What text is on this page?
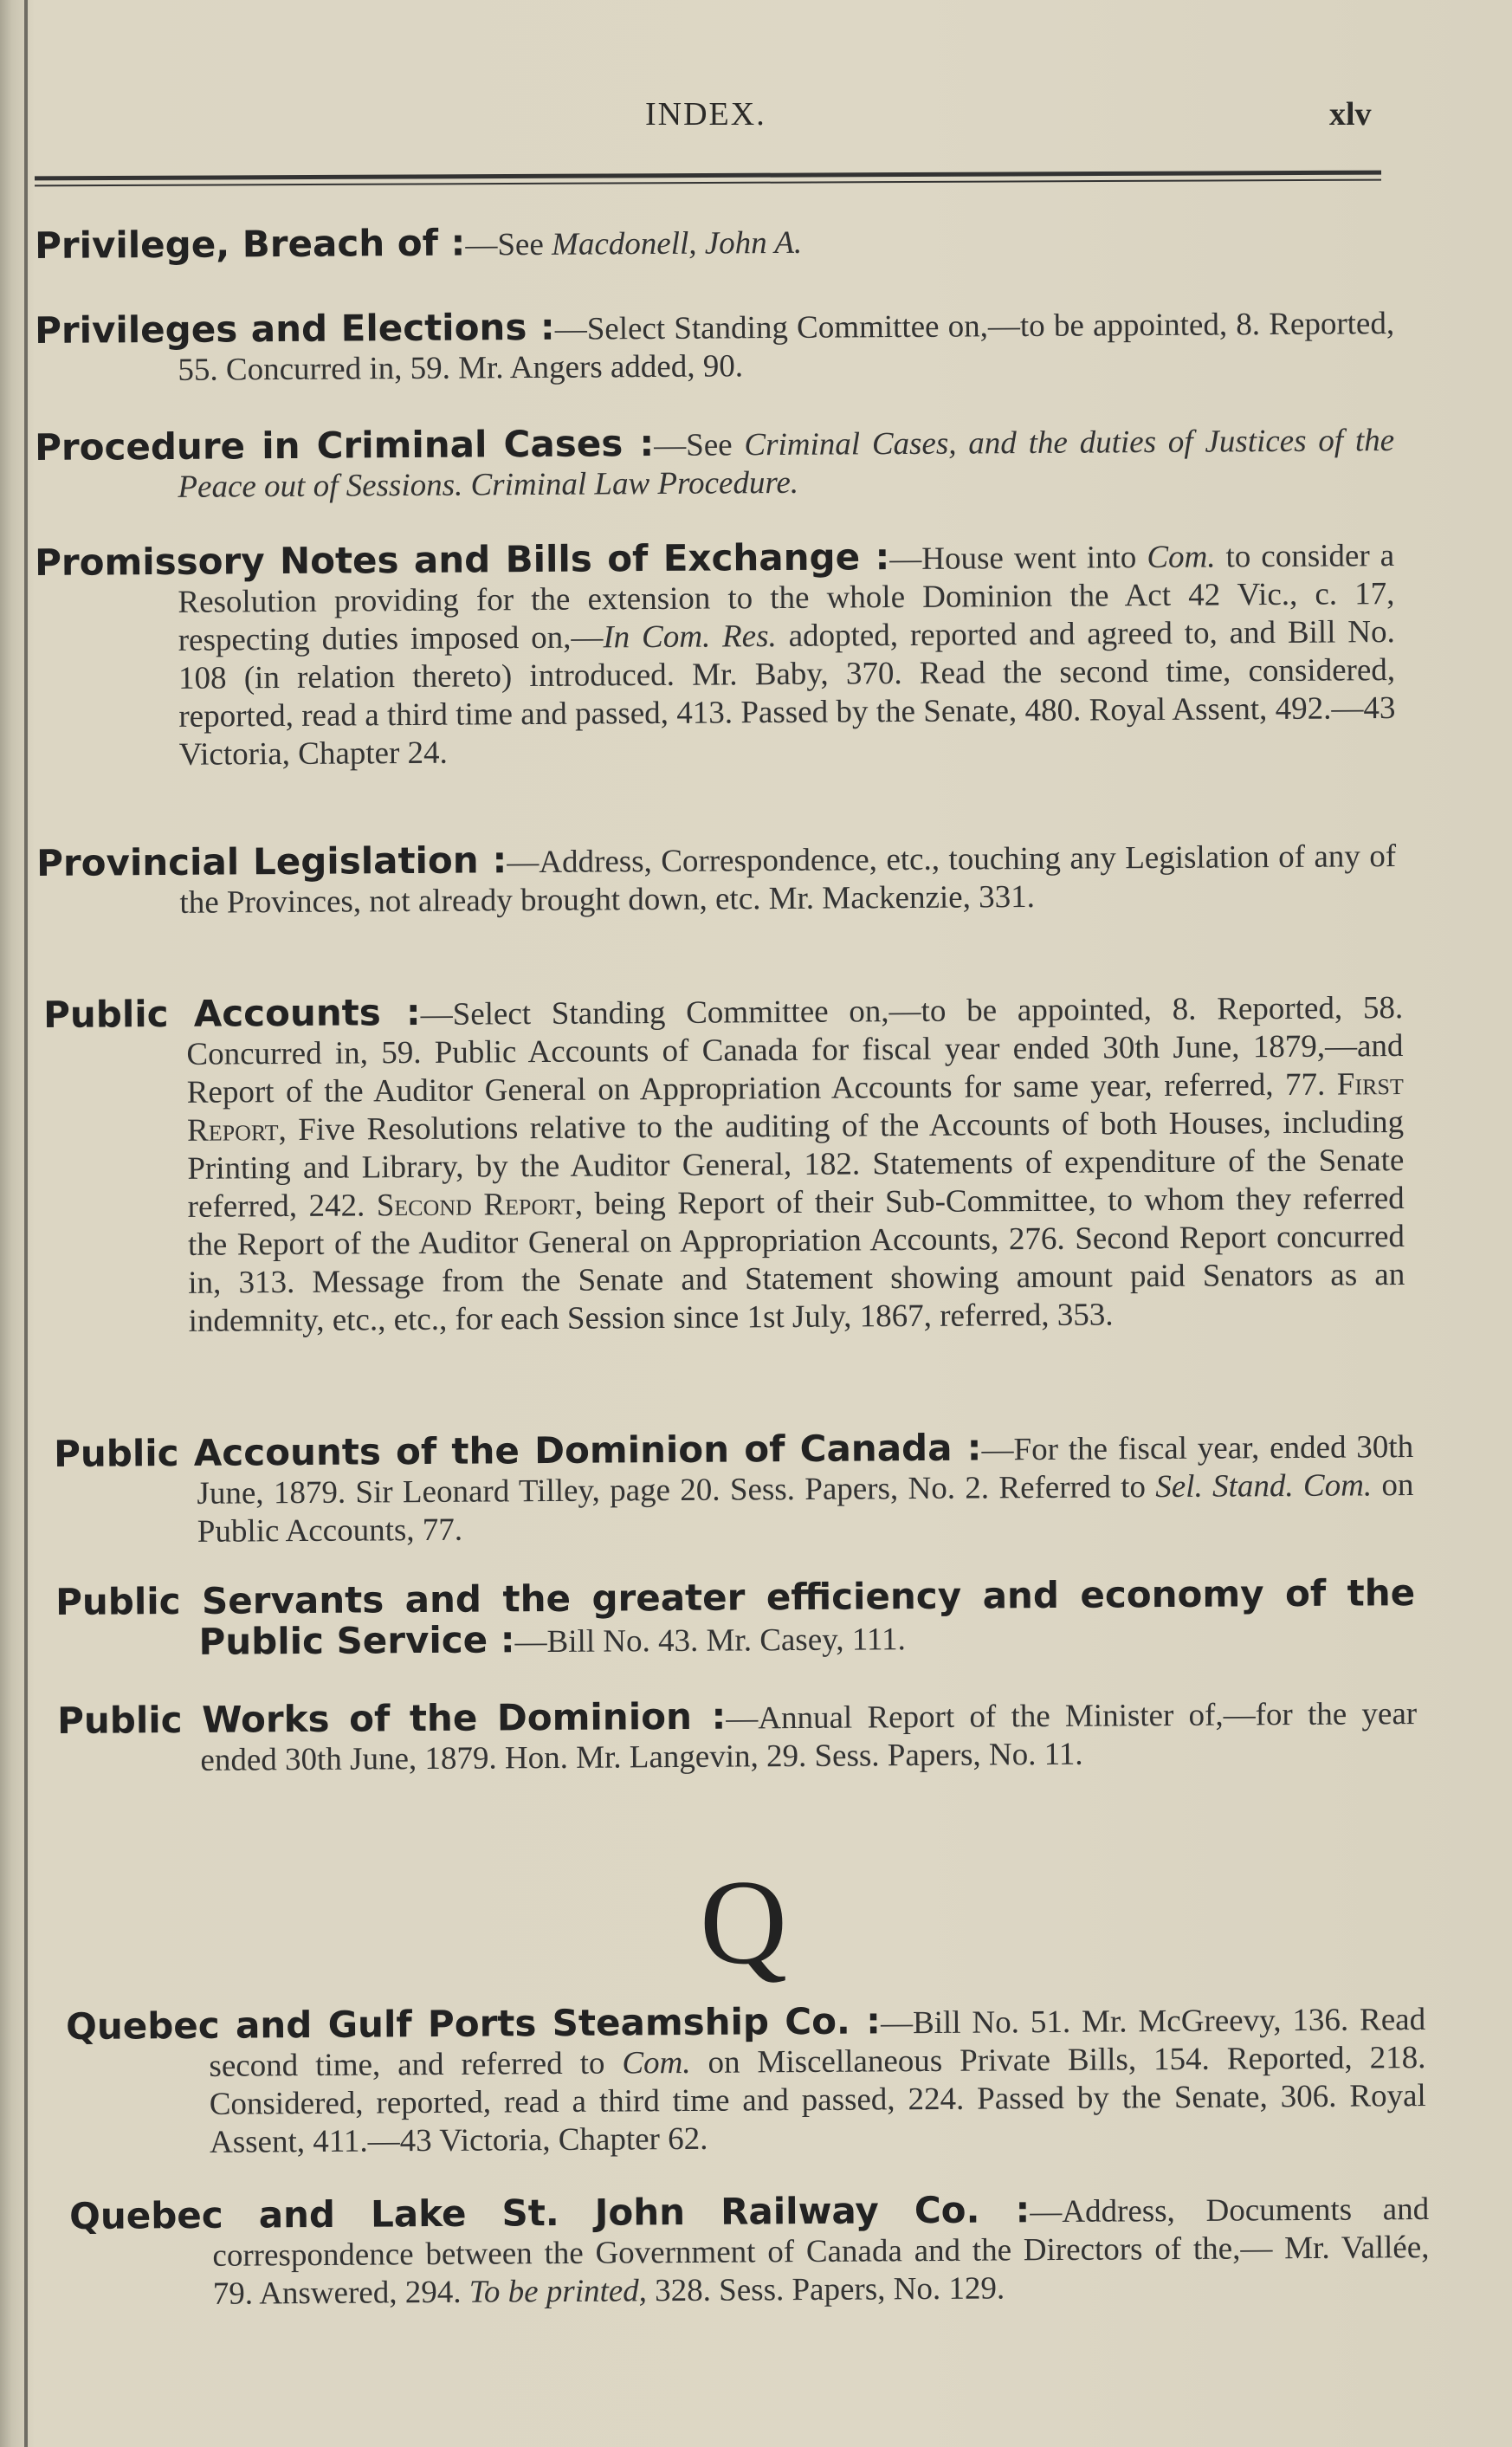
INDEX.	xlv
Privilege, Breach of :—See Macdonell, John A.
Privileges and Elections :—Select Standing Committee on,—to be appointed, 8. Reported, 55. Concurred in, 59. Mr. Angers added, 90.
Procedure in Criminal Cases :—See Criminal Cases, and the duties of Justices of the Peace out of Sessions. Criminal Law Procedure.
Promissory Notes and Bills of Exchange :—House went into Com. to consider a Resolution providing for the extension to the whole Dominion the Act 42 Vic., c. 17, respecting duties imposed on,—In Com. Res. adopted, reported and agreed to, and Bill No. 108 (in relation thereto) introduced. Mr. Baby, 370. Read the second time, considered, reported, read a third time and passed, 413. Passed by the Senate, 480. Royal Assent, 492.—43 Victoria, Chapter 24.
Provincial Legislation :—Address, Correspondence, etc., touching any Legislation of any of the Provinces, not already brought down, etc. Mr. Mackenzie, 331.
Public Accounts :—Select Standing Committee on,—to be appointed, 8. Reported, 58. Concurred in, 59. Public Accounts of Canada for fiscal year ended 30th June, 1879,—and Report of the Auditor General on Appropriation Accounts for same year, referred, 77. First Report, Five Resolutions relative to the auditing of the Accounts of both Houses, including Printing and Library, by the Auditor General, 182. Statements of expenditure of the Senate referred, 242. Second Report, being Report of their Sub-Committee, to whom they referred the Report of the Auditor General on Appropriation Accounts, 276. Second Report concurred in, 313. Message from the Senate and Statement showing amount paid Senators as an indemnity, etc., etc., for each Session since 1st July, 1867, referred, 353.
Public Accounts of the Dominion of Canada :—For the fiscal year, ended 30th June, 1879. Sir Leonard Tilley, page 20. Sess. Papers, No. 2. Referred to Sel. Stand. Com. on Public Accounts, 77.
Public Servants and the greater efficiency and economy of the Public Service :—Bill No. 43. Mr. Casey, 111.
Public Works of the Dominion :—Annual Report of the Minister of,—for the year ended 30th June, 1879. Hon. Mr. Langevin, 29. Sess. Papers, No. 11.
Q
Quebec and Gulf Ports Steamship Co. :—Bill No. 51. Mr. McGreevy, 136. Read second time, and referred to Com. on Miscellaneous Private Bills, 154. Reported, 218. Considered, reported, read a third time and passed, 224. Passed by the Senate, 306. Royal Assent, 411.—43 Victoria, Chapter 62.
Quebec and Lake St. John Railway Co. :—Address, Documents and correspondence between the Government of Canada and the Directors of the,— Mr. Vallée, 79. Answered, 294. To be printed, 328. Sess. Papers, No. 129.
